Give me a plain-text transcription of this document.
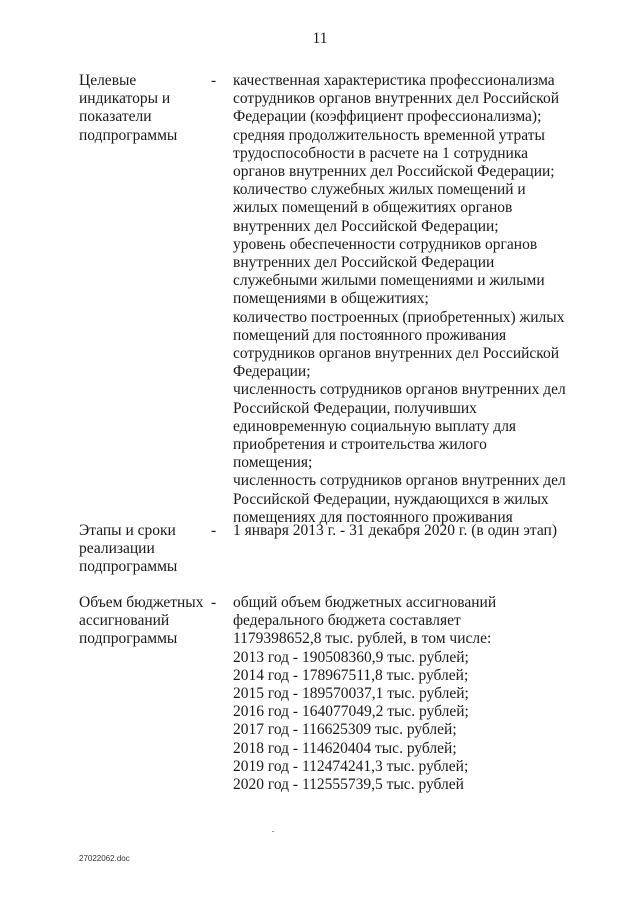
11
Целевые
индикаторы и
показатели
подпрограммы
- качественная характеристика профессионализма
сотрудников органов внутренних дел Российской
Федерации (коэффициент профессионализма);
средняя продолжительность временной утраты
трудоспособности в расчете на 1 сотрудника
органов внутренних дел Российской Федерации;
количество служебных жилых помещений и
жилых помещений в общежитиях органов
внутренних дел Российской Федерации;
уровень обеспеченности сотрудников органов
внутренних дел Российской Федерации
служебными жилыми помещениями и жилыми
помещениями в общежитиях;
количество построенных (приобретенных) жилых
помещений для постоянного проживания
сотрудников органов внутренних дел Российской
Федерации;
численность сотрудников органов внутренних дел
Российской Федерации, получивших
единовременную социальную выплату для
приобретения и строительства жилого
помещения;
численность сотрудников органов внутренних дел
Российской Федерации, нуждающихся в жилых
помещениях для постоянного проживания
Этапы и сроки
реализации
подпрограммы
- 1 января 2013 г. - 31 декабря 2020 г. (в один этап)
Объем бюджетных
ассигнований
подпрограммы
- общий объем бюджетных ассигнований
федерального бюджета составляет
1179398652,8 тыс. рублей, в том числе:
2013 год - 190508360,9 тыс. рублей;
2014 год - 178967511,8 тыс. рублей;
2015 год - 189570037,1 тыс. рублей;
2016 год - 164077049,2 тыс. рублей;
2017 год - 116625309 тыс. рублей;
2018 год - 114620404 тыс. рублей;
2019 год - 112474241,3 тыс. рублей;
2020 год - 112555739,5 тыс. рублей
27022062.doc
